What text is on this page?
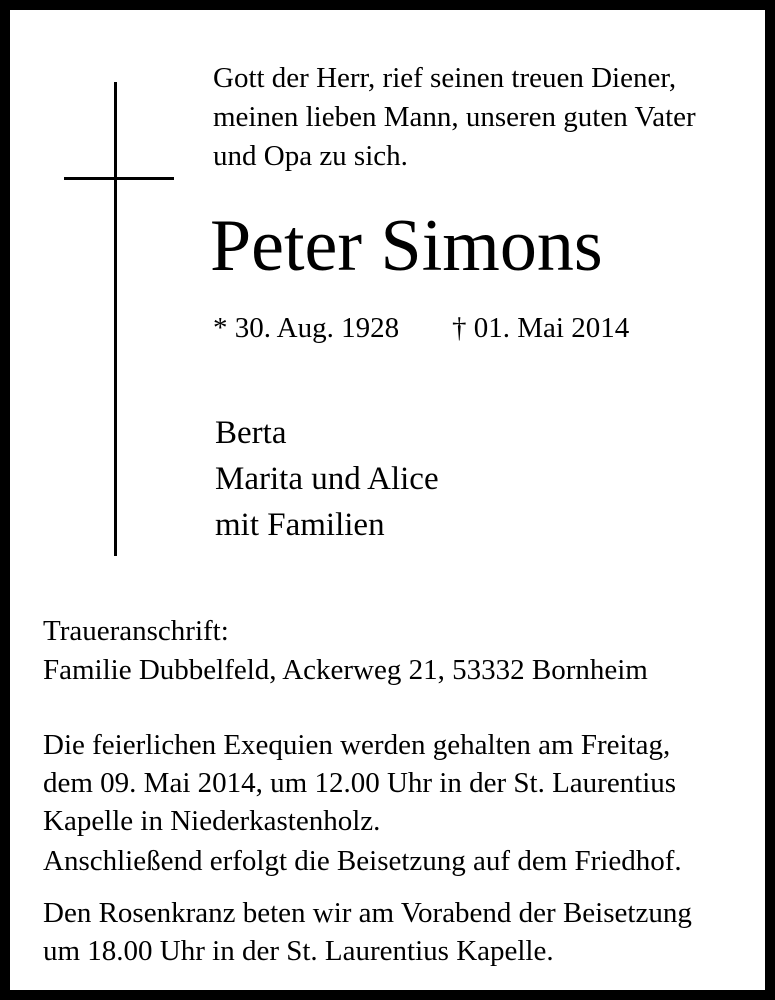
Gott der Herr, rief seinen treuen Diener,
meinen lieben Mann, unseren guten Vater
und Opa zu sich.
Peter Simons
* 30. Aug. 1928 † 01. Mai 2014
Berta
Marita und Alice
mit Familien
Traueranschrift:
Familie Dubbelfeld, Ackerweg 21, 53332 Bornheim
Die feierlichen Exequien werden gehalten am Freitag,
dem 09. Mai 2014, um 12.00 Uhr in der St. Laurentius
Kapelle in Niederkastenholz.
Anschließend erfolgt die Beisetzung auf dem Friedhof.
Den Rosenkranz beten wir am Vorabend der Beisetzung
um 18.00 Uhr in der St. Laurentius Kapelle.
